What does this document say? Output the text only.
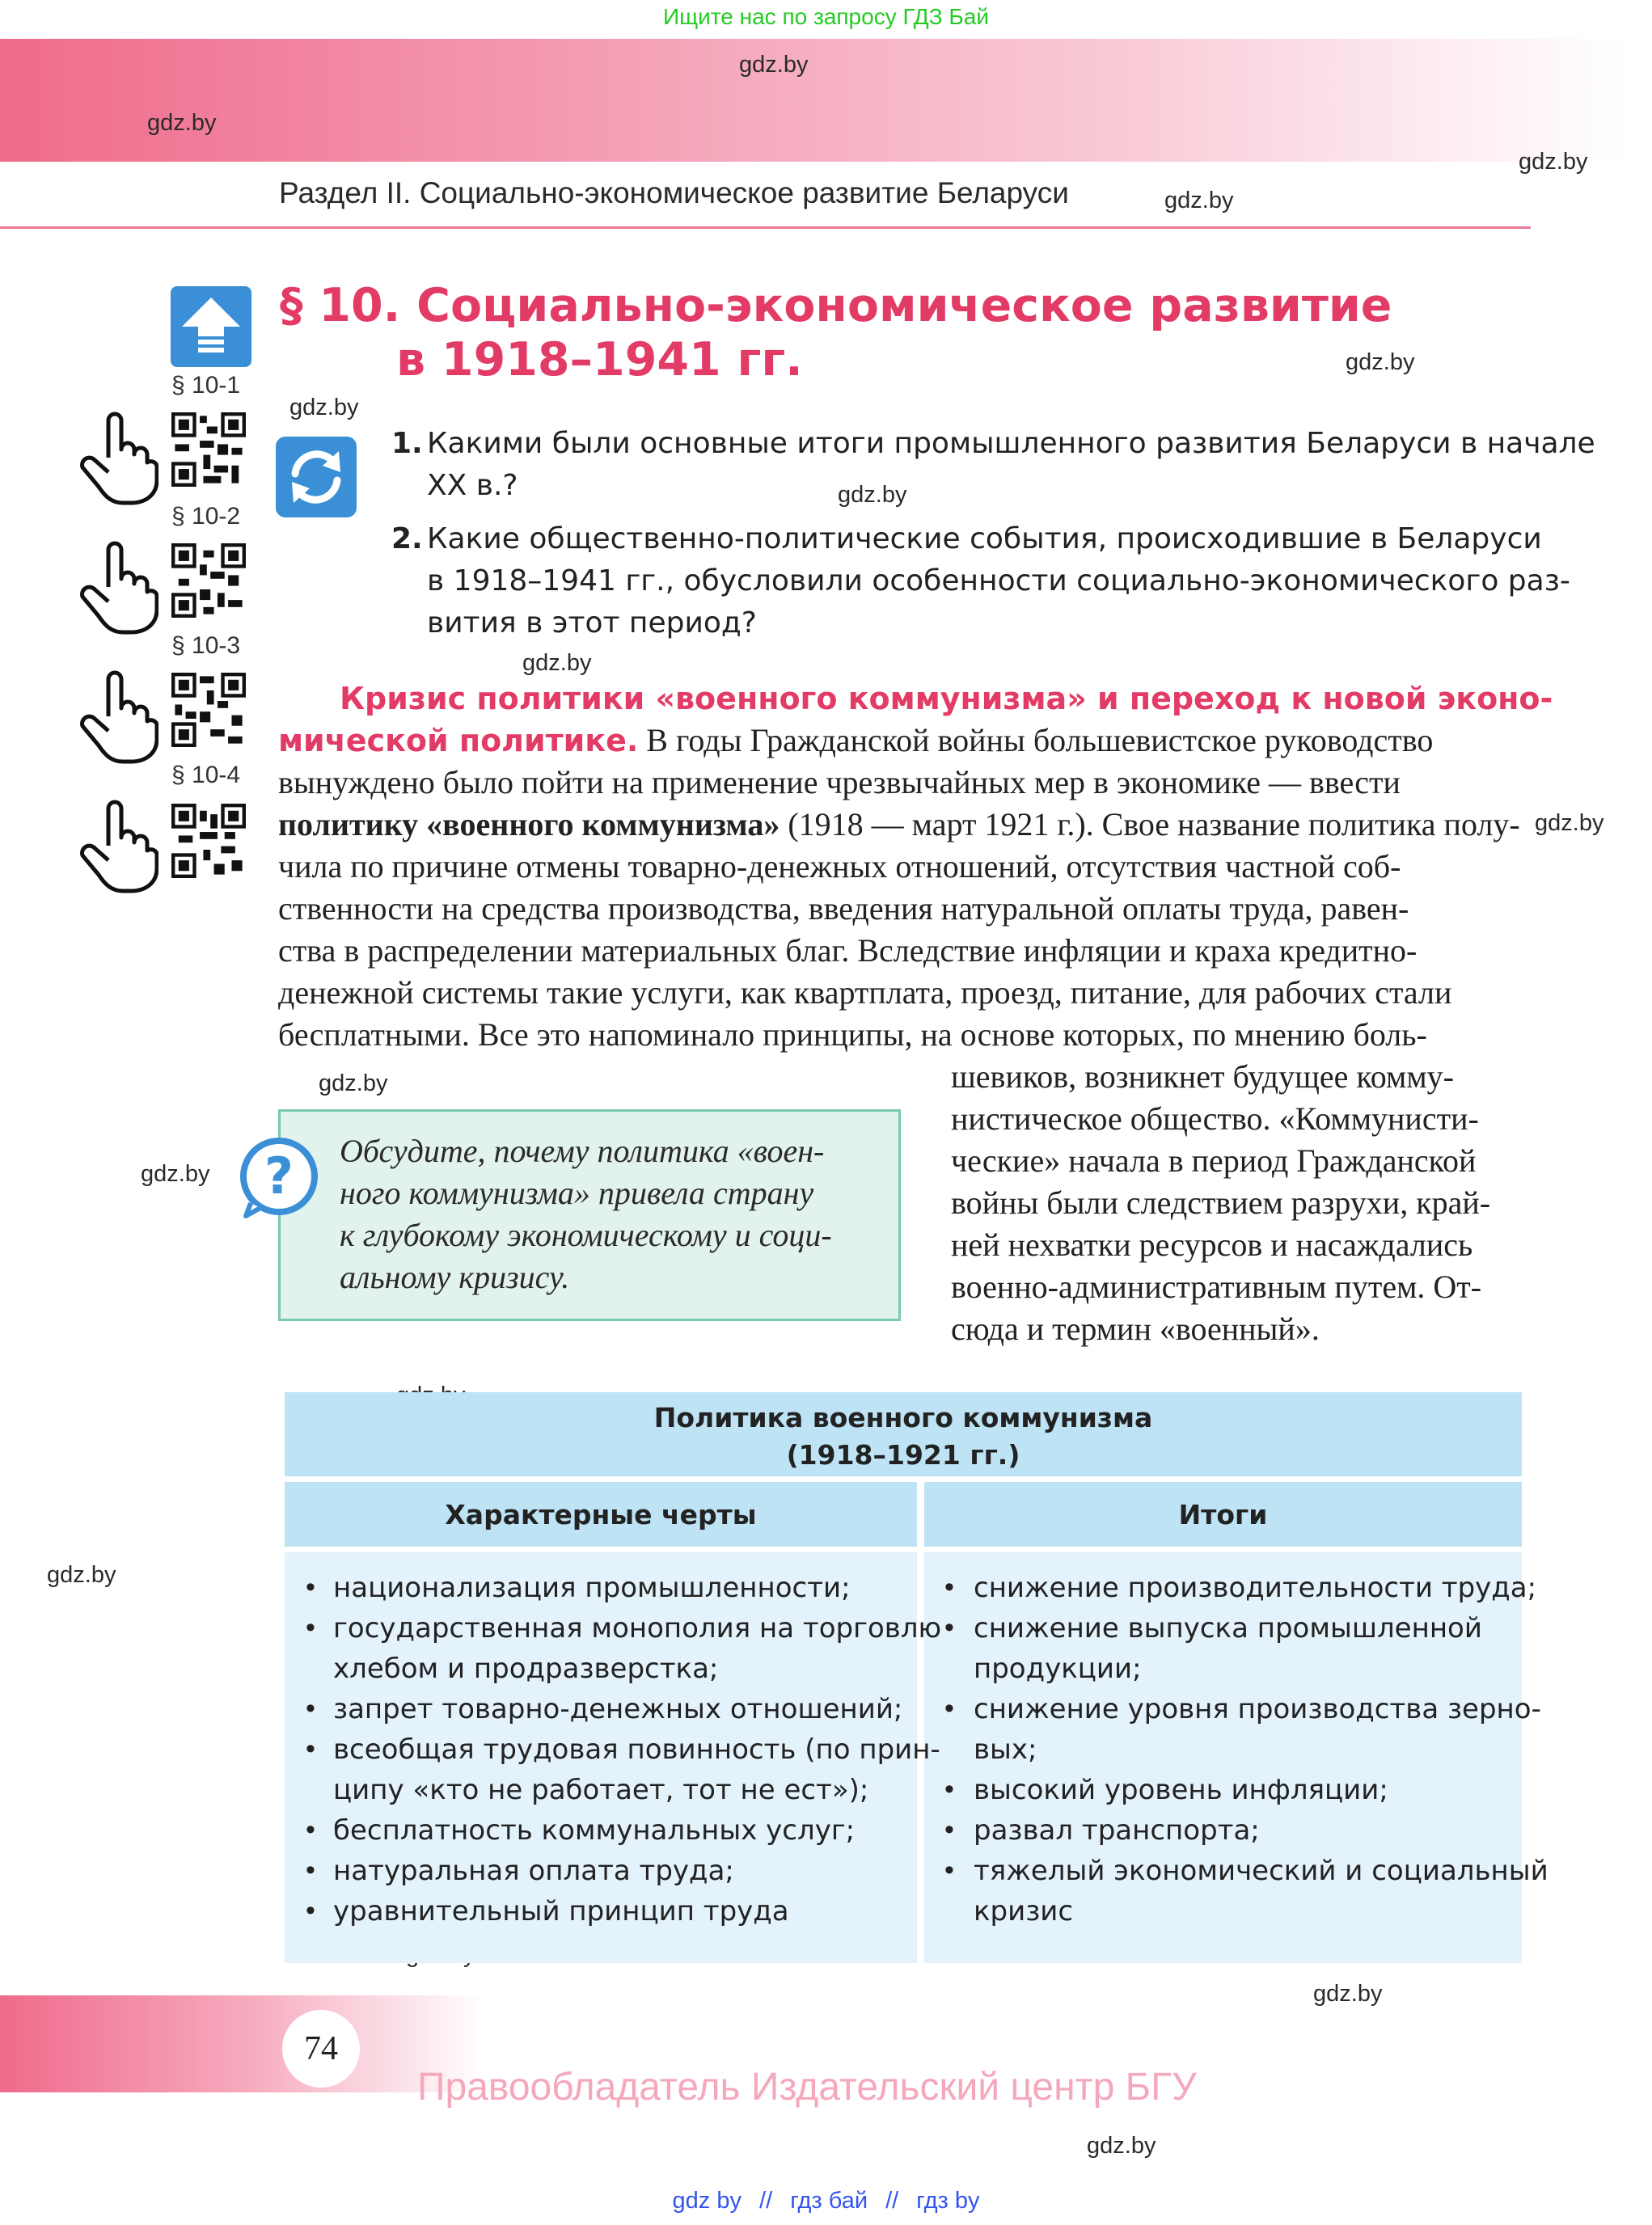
Ищите нас по запросу ГДЗ Бай
Раздел II. Социально-экономическое развитие Беларуси
gdz.by
gdz.by
gdz.by
gdz.by
gdz.by
gdz.by
gdz.by
gdz.by
gdz.by
gdz.by
gdz.by
gdz.by
gdz.by
gdz.by
§ 10. Социально-экономическое развитие
в 1918–1941 гг.
§ 10-1
§ 10-2
§ 10-3
§ 10-4
1. Какими были основные итоги промышленного развития Беларуси в начале
XX в.?
2. Какие общественно-политические события, происходившие в Беларуси
в 1918–1941 гг., обусловили особенности социально-экономического раз-
вития в этот период?
Кризис политики «военного коммунизма» и переход к новой эконо-
мической политике. В годы Гражданской войны большевистское руководство
вынуждено было пойти на применение чрезвычайных мер в экономике — ввести
политику «военного коммунизма» (1918 — март 1921 г.). Свое название политика полу-
чила по причине отмены товарно-денежных отношений, отсутствия частной соб-
ственности на средства производства, введения натуральной оплаты труда, равен-
ства в распределении материальных благ. Вследствие инфляции и краха кредитно-
денежной системы такие услуги, как квартплата, проезд, питание, для рабочих стали
бесплатными. Все это напоминало принципы, на основе которых, по мнению боль-
шевиков, возникнет будущее комму-
нистическое общество. «Коммунисти-
ческие» начала в период Гражданской
войны были следствием разрухи, край-
ней нехватки ресурсов и насаждались
военно-административным путем. От-
сюда и термин «военный».
? Обсудите, почему политика «воен-
ного коммунизма» привела страну
к глубокому экономическому и соци-
альному кризису.
Политика военного коммунизма
(1918–1921 гг.)
Характерные черты	Итоги
• национализация промышленности;
• государственная монополия на торговлю
хлебом и продразверстка;
• запрет товарно-денежных отношений;
• всеобщая трудовая повинность (по прин-
ципу «кто не работает, тот не ест»);
• бесплатность коммунальных услуг;
• натуральная оплата труда;
• уравнительный принцип труда
• снижение производительности труда;
• снижение выпуска промышленной
продукции;
• снижение уровня производства зерно-
вых;
• высокий уровень инфляции;
• развал транспорта;
• тяжелый экономический и социальный
кризис
74
Правообладатель Издательский центр БГУ
gdz by // гдз бай // гдз by
